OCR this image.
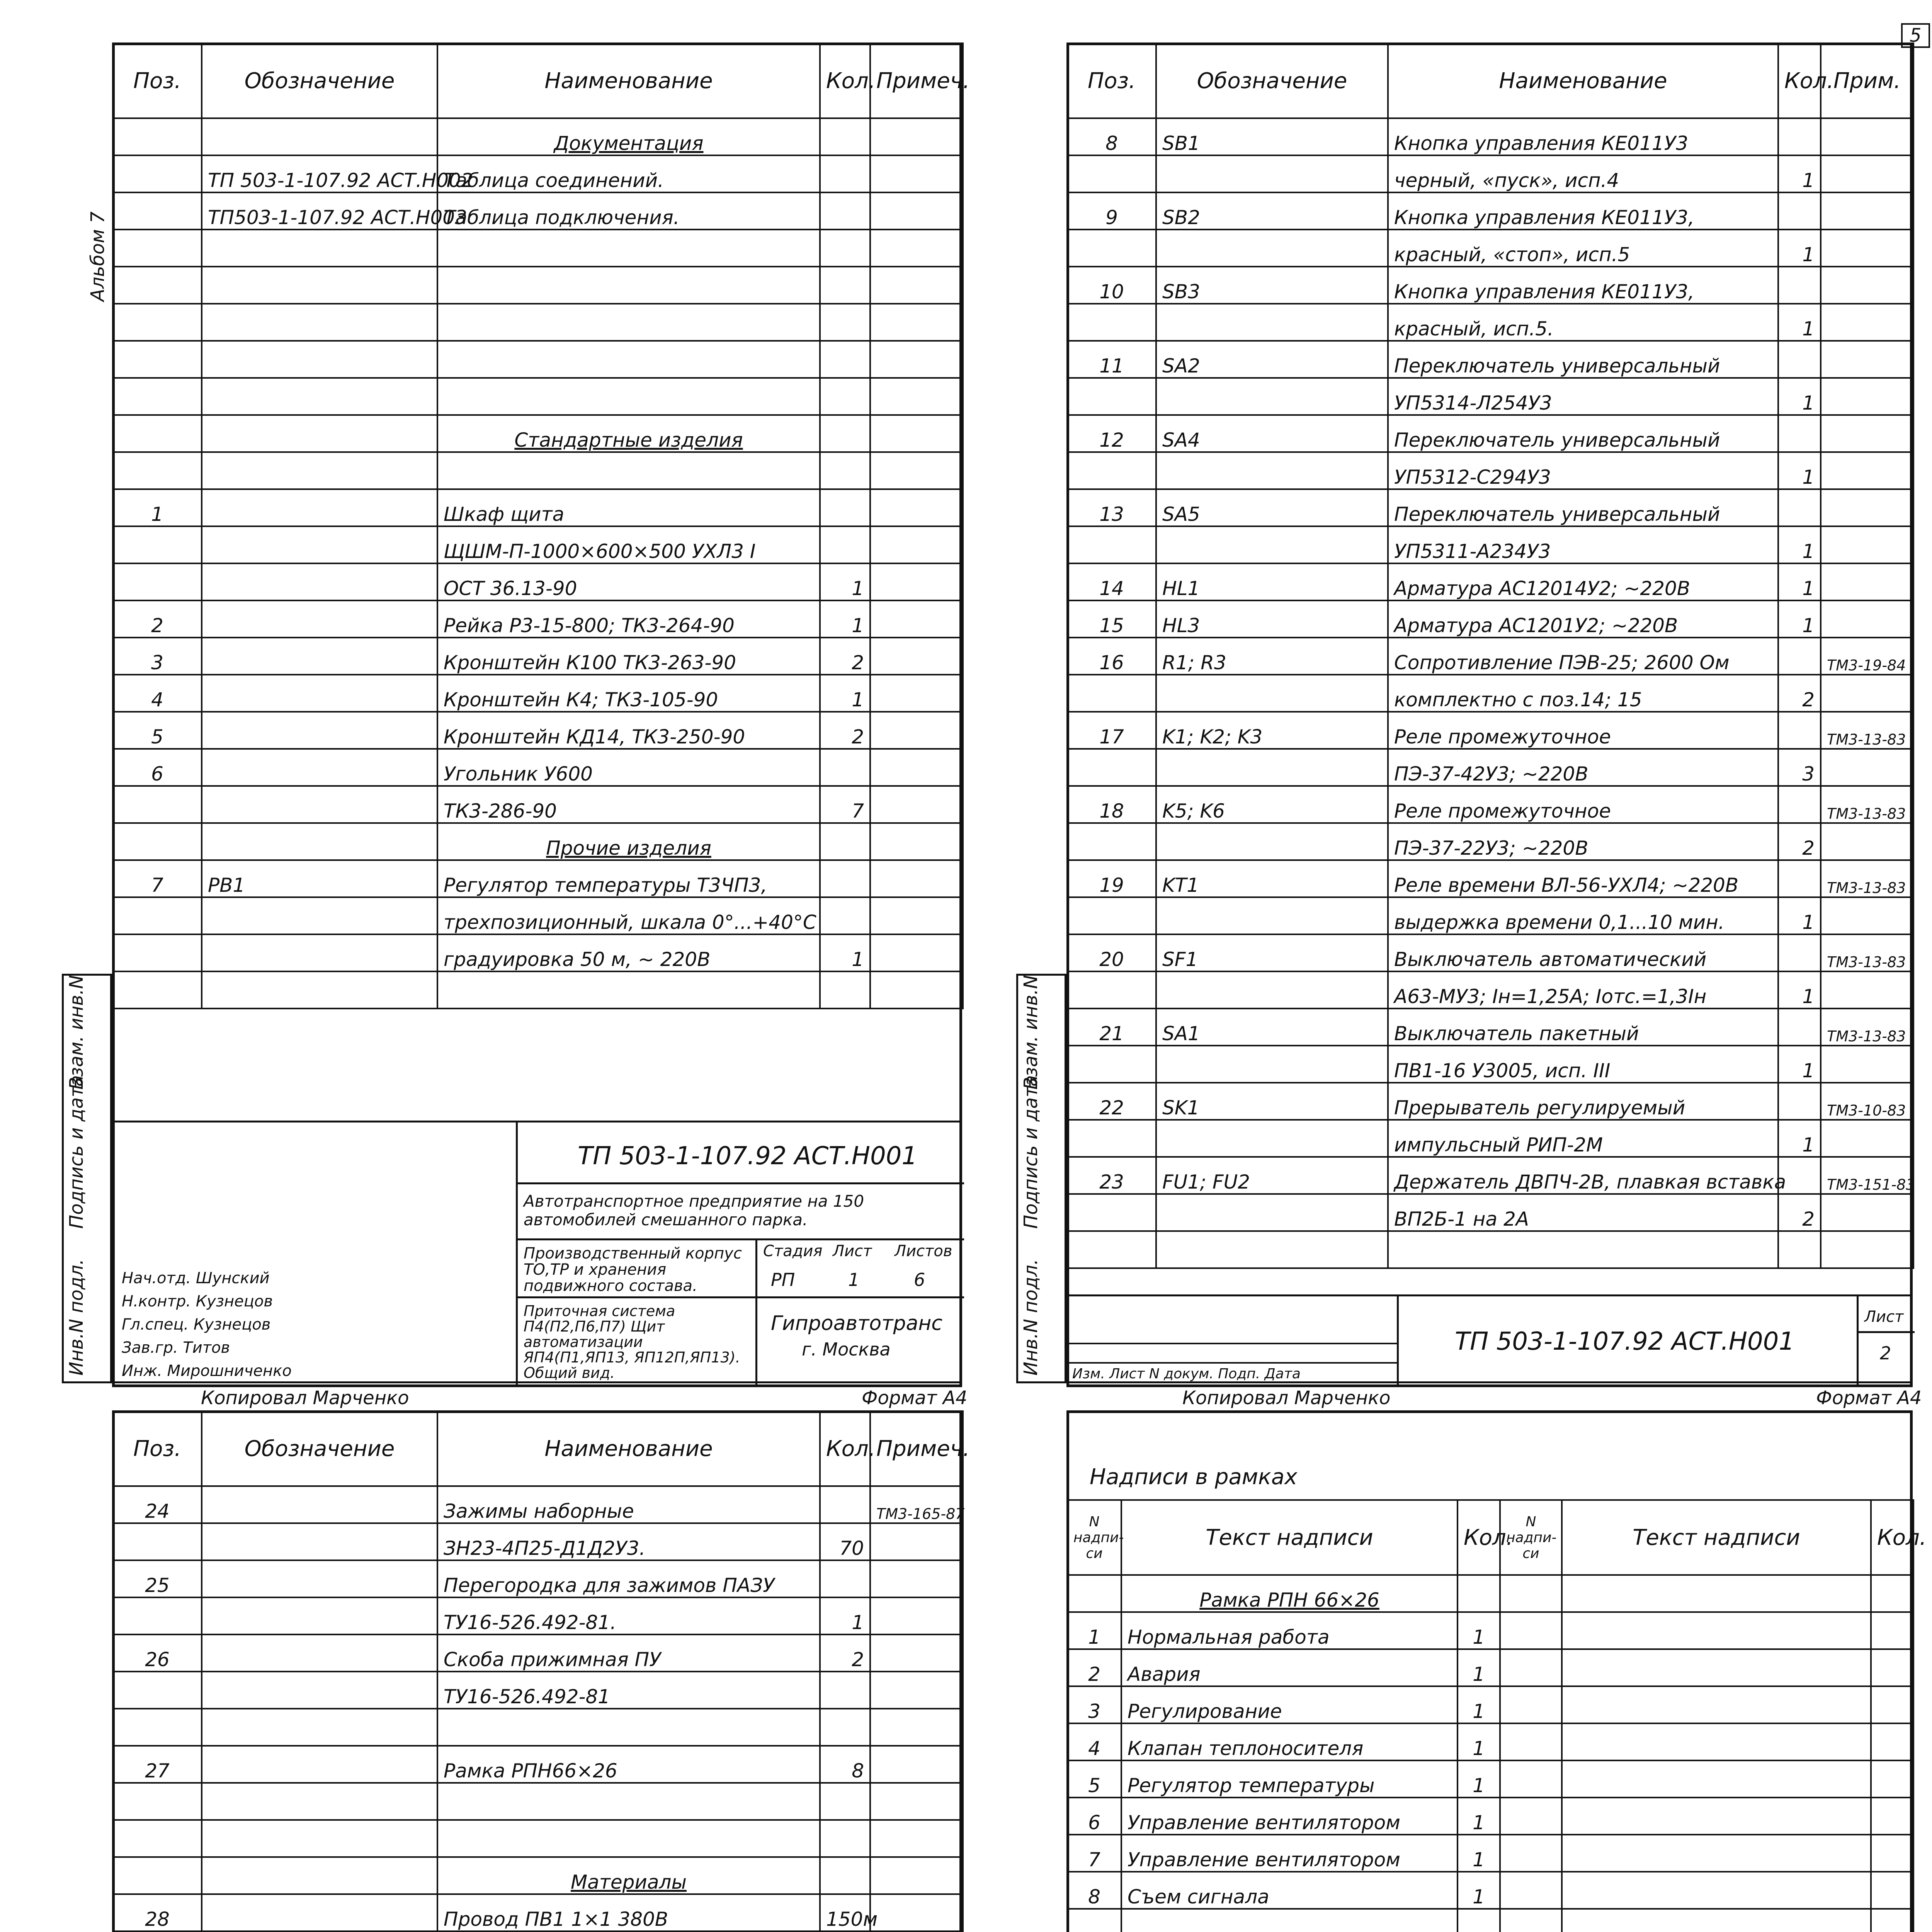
5
Альбом 7
Инв.N подл.
Подпись и дата
Взам. инв.N
Поз.	Обозначение	Наименование	Кол.	Примеч.
		Документация		
	ТП 503-1-107.92 АСТ.Н002	Таблица соединений.		
	ТП503-1-107.92 АСТ.Н003	Таблица подключения.		

		Стандартные изделия		

1		Шкаф щита		
		ЩШМ-П-1000×600×500 УХЛ3 I		
		ОСТ 36.13-90	1	
2		Рейка Р3-15-800; ТК3-264-90	1	
3		Кронштейн К100 ТК3-263-90	2	
4		Кронштейн К4; ТК3-105-90	1	
5		Кронштейн КД14, ТК3-250-90	2	
6		Угольник У600		
		ТК3-286-90	7	
		Прочие изделия		
7	РВ1	Регулятор температуры Т3ЧП3,		
		трехпозиционный, шкала 0°...+40°С		
		градуировка 50 м, ~ 220В	1	

ТП 503-1-107.92 АСТ.Н001
Автотранспортное предприятие на 150 автомобилей смешанного парка.
Производственный корпус ТО,ТР и хранения подвижного состава.
Приточная система П4(П2,П6,П7) Щит автоматизации ЯП4(П1,ЯП13, ЯП12П,ЯП13). Общий вид.
Стадия Лист Листов
РП	1	6
Гипроавтотранс
г. Москва
Нач.отд. Шунский
Н.контр. Кузнецов
Гл.спец. Кузнецов
Зав.гр. Титов
Инж. Мирошниченко
Копировал Марченко	Формат А4
Инв.N подл.
Подпись и дата
Взам. инв.N
Поз.	Обозначение	Наименование	Кол.	Прим.
8	SB1	Кнопка управления КЕ011У3		
		черный, «пуск», исп.4	1	
9	SB2	Кнопка управления КЕ011У3,		
		красный, «стоп», исп.5	1	
10	SB3	Кнопка управления КЕ011У3,		
		красный, исп.5.	1	
11	SA2	Переключатель универсальный		
		УП5314-Л254У3	1	
12	SA4	Переключатель универсальный		
		УП5312-С294У3	1	
13	SA5	Переключатель универсальный		
		УП5311-А234У3	1	
14	HL1	Арматура АС12014У2; ~220В	1	
15	HL3	Арматура АС1201У2; ~220В	1	
16	R1; R3	Сопротивление ПЭВ-25; 2600 Ом		ТМ3-19-84
		комплектно с поз.14; 15	2	
17	K1; K2; K3	Реле промежуточное		ТМ3-13-83
		ПЭ-37-42У3; ~220В	3	
18	K5; K6	Реле промежуточное		ТМ3-13-83
		ПЭ-37-22У3; ~220В	2	
19	KT1	Реле времени ВЛ-56-УХЛ4; ~220В		ТМ3-13-83
		выдержка времени 0,1...10 мин.	1	
20	SF1	Выключатель автоматический		ТМ3-13-83
		А63-МУ3; Iн=1,25А; Iотс.=1,3Iн	1	
21	SA1	Выключатель пакетный		ТМ3-13-83
		ПВ1-16 У3005, исп. III	1	
22	SK1	Прерыватель регулируемый		ТМ3-10-83
		импульсный РИП-2М	1	
23	FU1; FU2	Держатель ДВПЧ-2В, плавкая вставка		ТМ3-151-83
		ВП2Б-1 на 2А	2	

ТП 503-1-107.92 АСТ.Н001
Лист
2
Изм. Лист N докум. Подп. Дата
Копировал Марченко	Формат А4
Поз.	Обозначение	Наименование	Кол.	Примеч.
24		Зажимы наборные		ТМ3-165-87
		ЗН23-4П25-Д1Д2У3.	70	
25		Перегородка для зажимов ПАЗУ		
		ТУ16-526.492-81.	1	
26		Скоба прижимная ПУ	2	
		ТУ16-526.492-81		

27		Рамка РПН66×26	8	

		Материалы		
28		Провод ПВ1 1×1 380В	150м	

Надписи в рамках
N надпи-си	Текст надписи	Кол.	N надпи-си	Текст надписи	Кол.
	Рамка РПН 66×26				
1	Нормальная работа	1			
2	Авария	1			
3	Регулирование	1			
4	Клапан теплоносителя	1			
5	Регулятор температуры	1			
6	Управление вентилятором	1			
7	Управление вентилятором	1			
8	Съем сигнала	1			
